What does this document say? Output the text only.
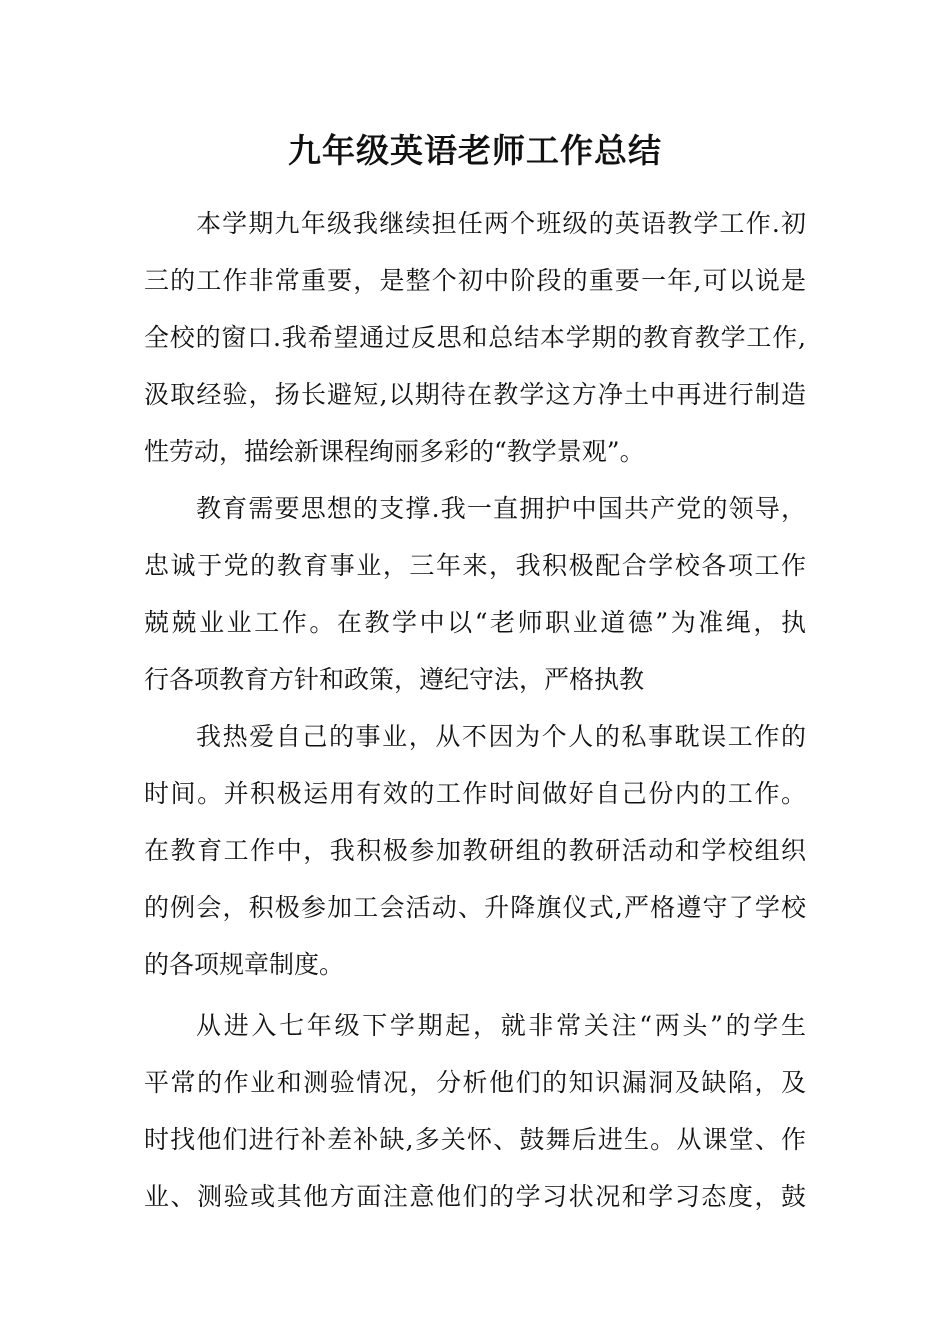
九年级英语老师工作总结
本学期九年级我继续担任两个班级的英语教学工作.初
三的工作非常重要，是整个初中阶段的重要一年,可以说是
全校的窗口.我希望通过反思和总结本学期的教育教学工作,
汲取经验，扬长避短,以期待在教学这方净土中再进行制造
性劳动，描绘新课程绚丽多彩的“教学景观”。
教育需要思想的支撑.我一直拥护中国共产党的领导，
忠诚于党的教育事业，三年来，我积极配合学校各项工作
兢兢业业工作。在教学中以“老师职业道德”为准绳，执
行各项教育方针和政策，遵纪守法，严格执教
我热爱自己的事业，从不因为个人的私事耽误工作的
时间。并积极运用有效的工作时间做好自己份内的工作。
在教育工作中，我积极参加教研组的教研活动和学校组织
的例会，积极参加工会活动、升降旗仪式,严格遵守了学校
的各项规章制度。
从进入七年级下学期起，就非常关注“两头”的学生
平常的作业和测验情况，分析他们的知识漏洞及缺陷，及
时找他们进行补差补缺,多关怀、鼓舞后进生。从课堂、作
业、测验或其他方面注意他们的学习状况和学习态度，鼓
